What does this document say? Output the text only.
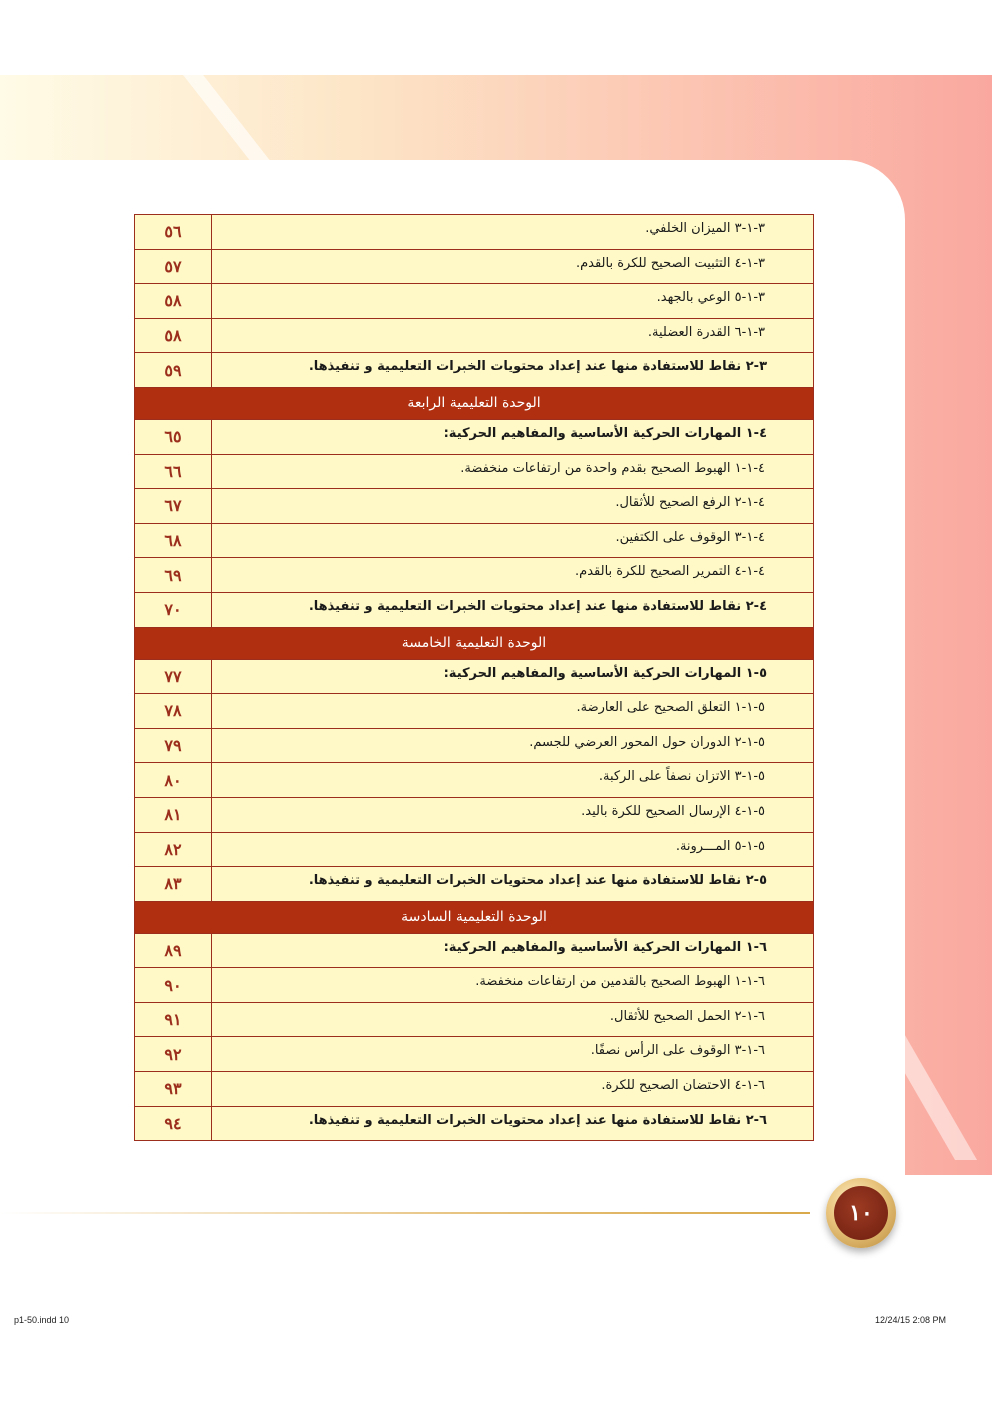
٣-١-٣ الميزان الخلفي.
٥٦
٣-١-٤ التثبيت الصحيح للكرة بالقدم.
٥٧
٣-١-٥ الوعي بالجهد.
٥٨
٣-١-٦ القدرة العضلية.
٥٨
٣-٢ نقاط للاستفادة منها عند إعداد محتويات الخبرات التعليمية و تنفيذها.
٥٩
الوحدة التعليمية الرابعة
٤-١ المهارات الحركية الأساسية والمفاهيم الحركية:
٦٥
٤-١-١ الهبوط الصحيح بقدم واحدة من ارتفاعات منخفضة.
٦٦
٤-١-٢ الرفع الصحيح للأثقال.
٦٧
٤-١-٣ الوقوف على الكتفين.
٦٨
٤-١-٤ التمرير الصحيح للكرة بالقدم.
٦٩
٤-٢ نقاط للاستفادة منها عند إعداد محتويات الخبرات التعليمية و تنفيذها.
٧٠
الوحدة التعليمية الخامسة
٥-١ المهارات الحركية الأساسية والمفاهيم الحركية:
٧٧
٥-١-١ التعلق الصحيح على العارضة.
٧٨
٥-١-٢ الدوران حول المحور العرضي للجسم.
٧٩
٥-١-٣ الاتزان نصفاً على الركبة.
٨٠
٥-١-٤ الإرسال الصحيح للكرة باليد.
٨١
٥-١-٥ المـــرونة.
٨٢
٥-٢ نقاط للاستفادة منها عند إعداد محتويات الخبرات التعليمية و تنفيذها.
٨٣
الوحدة التعليمية السادسة
٦-١ المهارات الحركية الأساسية والمفاهيم الحركية:
٨٩
٦-١-١ الهبوط الصحيح بالقدمين من ارتفاعات منخفضة.
٩٠
٦-١-٢ الحمل الصحيح للأثقال.
٩١
٦-١-٣ الوقوف على الرأس نصفًا.
٩٢
٦-١-٤ الاحتضان الصحيح للكرة.
٩٣
٦-٢ نقاط للاستفادة منها عند إعداد محتويات الخبرات التعليمية و تنفيذها.
٩٤
١٠
p1-50.indd 10	12/24/15 2:08 PM
